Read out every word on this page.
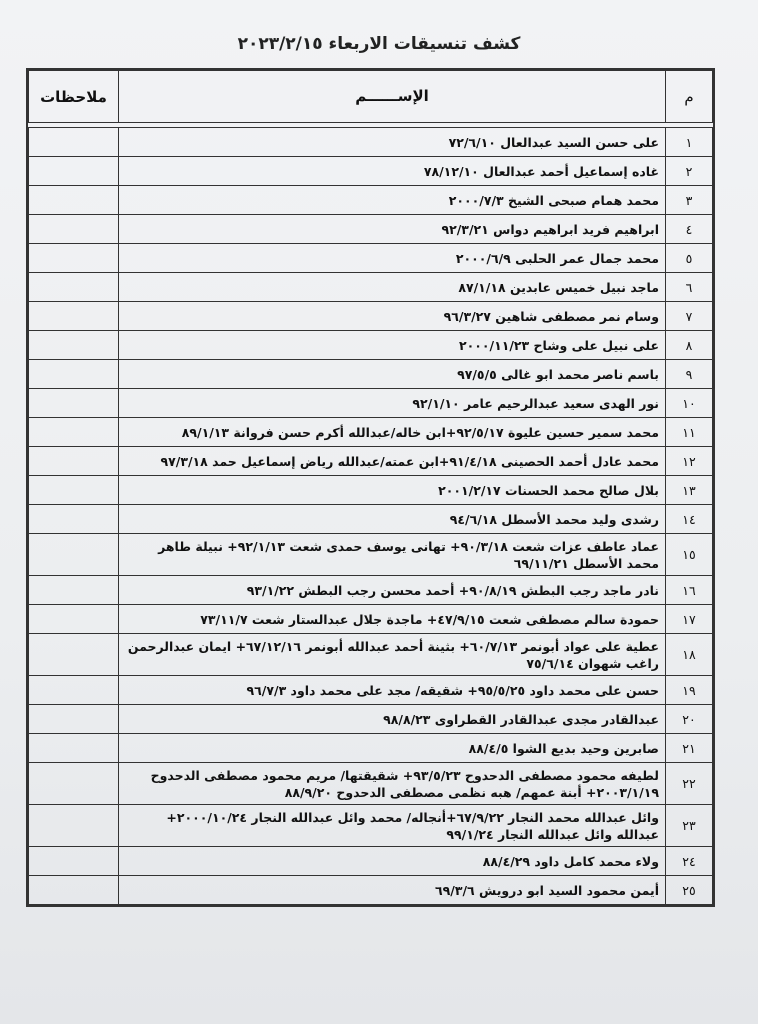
كشف تنسيقات الاربعاء ٢٠٢٣/٢/١٥
م	الإســــــم	ملاحظات

١	على حسن السيد عبدالعال ٧٢/٦/١٠	
٢	غاده إسماعيل أحمد عبدالعال ٧٨/١٢/١٠	
٣	محمد همام صبحى الشيخ ٢٠٠٠/٧/٣	
٤	ابراهيم فريد ابراهيم دواس ٩٢/٣/٢١	
٥	محمد جمال عمر الحلبى ٢٠٠٠/٦/٩	
٦	ماجد نبيل خميس عابدين ٨٧/١/١٨	
٧	وسام نمر مصطفى شاهين ٩٦/٣/٢٧	
٨	على نبيل على وشاح ٢٠٠٠/١١/٢٣	
٩	باسم ناصر محمد ابو غالى ٩٧/٥/٥	
١٠	نور الهدى سعيد عبدالرحيم عامر ٩٢/١/١٠	
١١	محمد سمير حسين عليوة ٩٢/٥/١٧+ابن خاله/عبدالله أكرم حسن فروانة ٨٩/١/١٣	
١٢	محمد عادل أحمد الحصينى ٩١/٤/١٨+ابن عمته/عبدالله رياض إسماعيل حمد ٩٧/٣/١٨	
١٣	بلال صالح محمد الحسنات ٢٠٠١/٢/١٧	
١٤	رشدى وليد محمد الأسطل ٩٤/٦/١٨	
١٥	عماد عاطف عزات شعت ٩٠/٣/١٨+ تهانى يوسف حمدى شعت ٩٢/١/١٣+ نبيلة طاهر محمد الأسطل ٦٩/١١/٢١	
١٦	نادر ماجد رجب البطش ٩٠/٨/١٩+ أحمد محسن رجب البطش ٩٣/١/٢٢	
١٧	حمودة سالم مصطفى شعت ٤٧/٩/١٥+ ماجدة جلال عبدالستار شعت ٧٣/١١/٧	
١٨	عطية على عواد أبونمر ٦٠/٧/١٣+ بثينة أحمد عبدالله أبونمر ٦٧/١٢/١٦+ ايمان عبدالرحمن راغب شهوان ٧٥/٦/١٤	
١٩	حسن على محمد داود ٩٥/٥/٢٥+ شقيقه/ مجد على محمد داود ٩٦/٧/٣	
٢٠	عبدالقادر مجدى عبدالقادر القطراوى ٩٨/٨/٢٣	
٢١	صابرين وحيد بديع الشوا ٨٨/٤/٥	
٢٢	لطيفه محمود مصطفى الدحدوح ٩٣/٥/٢٣+ شقيقتها/ مريم محمود مصطفى الدحدوح ٢٠٠٣/١/١٩+ أبنة عمهم/ هبه نظمى مصطفى الدحدوح ٨٨/٩/٢٠	
٢٣	وائل عبدالله محمد النجار ٦٧/٩/٢٢+أنجاله/ محمد وائل عبدالله النجار ٢٠٠٠/١٠/٢٤+ عبدالله وائل عبدالله النجار ٩٩/١/٢٤	
٢٤	ولاء محمد كامل داود ٨٨/٤/٢٩	
٢٥	أيمن محمود السيد ابو درويش ٦٩/٣/٦	
